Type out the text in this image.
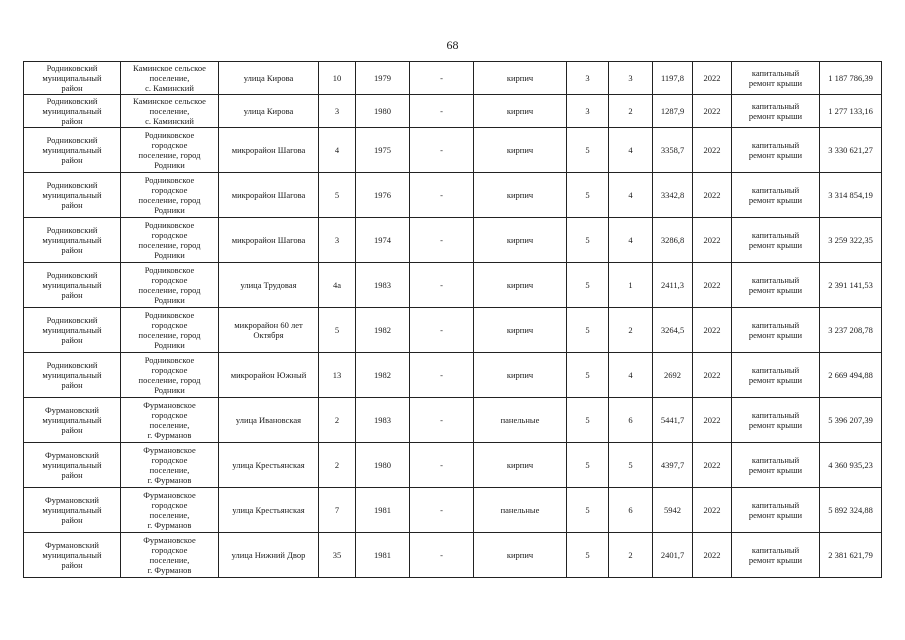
68
Родниковский
муниципальный
район	Каминское сельское
поселение,
с. Каминский	улица Кирова	10	1979	-	кирпич	3	3	1197,8	2022	капитальный
ремонт крыши	1 187 786,39
Родниковский
муниципальный
район	Каминское сельское
поселение,
с. Каминский	улица Кирова	3	1980	-	кирпич	3	2	1287,9	2022	капитальный
ремонт крыши	1 277 133,16
Родниковский
муниципальный
район	Родниковское
городское
поселение, город
Родники	микрорайон Шагова	4	1975	-	кирпич	5	4	3358,7	2022	капитальный
ремонт крыши	3 330 621,27
Родниковский
муниципальный
район	Родниковское
городское
поселение, город
Родники	микрорайон Шагова	5	1976	-	кирпич	5	4	3342,8	2022	капитальный
ремонт крыши	3 314 854,19
Родниковский
муниципальный
район	Родниковское
городское
поселение, город
Родники	микрорайон Шагова	3	1974	-	кирпич	5	4	3286,8	2022	капитальный
ремонт крыши	3 259 322,35
Родниковский
муниципальный
район	Родниковское
городское
поселение, город
Родники	улица Трудовая	4а	1983	-	кирпич	5	1	2411,3	2022	капитальный
ремонт крыши	2 391 141,53
Родниковский
муниципальный
район	Родниковское
городское
поселение, город
Родники	микрорайон 60 лет
Октября	5	1982	-	кирпич	5	2	3264,5	2022	капитальный
ремонт крыши	3 237 208,78
Родниковский
муниципальный
район	Родниковское
городское
поселение, город
Родники	микрорайон Южный	13	1982	-	кирпич	5	4	2692	2022	капитальный
ремонт крыши	2 669 494,88
Фурмановский
муниципальный
район	Фурмановское
городское
поселение,
г. Фурманов	улица Ивановская	2	1983	-	панельные	5	6	5441,7	2022	капитальный
ремонт крыши	5 396 207,39
Фурмановский
муниципальный
район	Фурмановское
городское
поселение,
г. Фурманов	улица Крестьянская	2	1980	-	кирпич	5	5	4397,7	2022	капитальный
ремонт крыши	4 360 935,23
Фурмановский
муниципальный
район	Фурмановское
городское
поселение,
г. Фурманов	улица Крестьянская	7	1981	-	панельные	5	6	5942	2022	капитальный
ремонт крыши	5 892 324,88
Фурмановский
муниципальный
район	Фурмановское
городское
поселение,
г. Фурманов	улица Нижний Двор	35	1981	-	кирпич	5	2	2401,7	2022	капитальный
ремонт крыши	2 381 621,79
